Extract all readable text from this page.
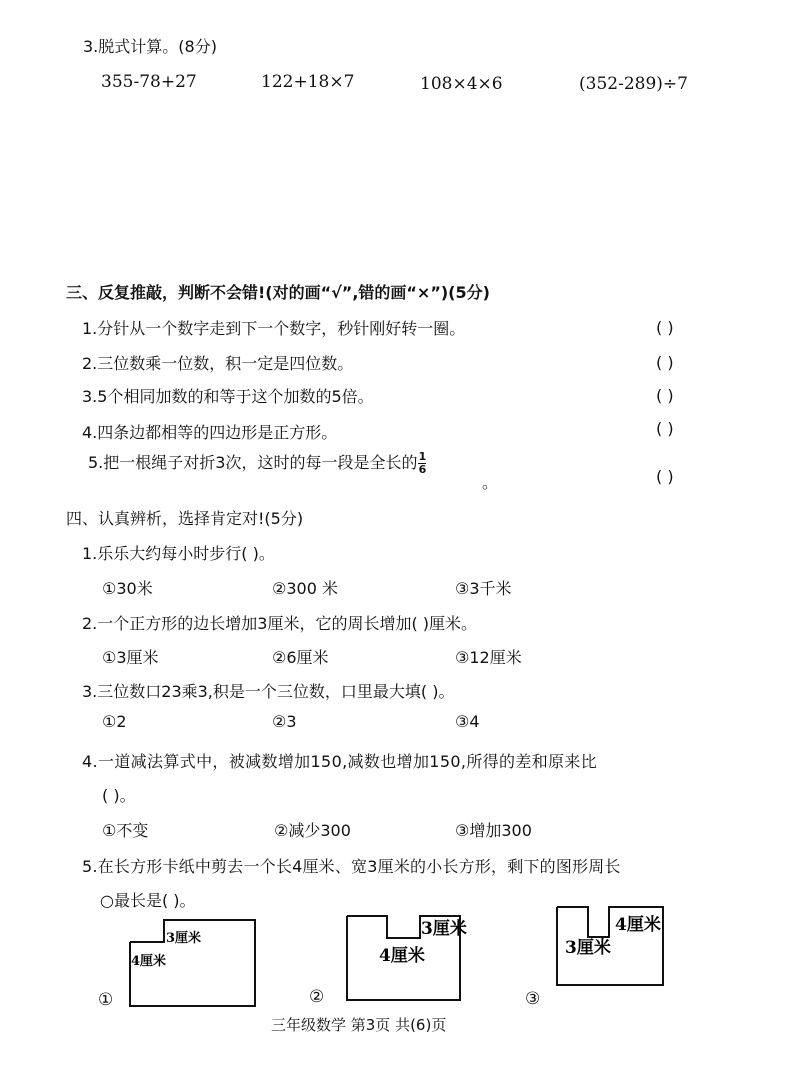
3.脱式计算。(8分)
355-78+27	122+18×7	108×4×6	(352-289)÷7
三、反复推敲，判断不会错!(对的画“√”,错的画“×”)(5分)
1.分针从一个数字走到下一个数字，秒针刚好转一圈。	( )
2.三位数乘一位数，积一定是四位数。	( )
3.5个相同加数的和等于这个加数的5倍。	( )
4.四条边都相等的四边形是正方形。	( )
5.把一根绳子对折3次，这时的每一段是全长的 $\frac{1}{6}$
。	( )
四、认真辨析，选择肯定对!(5分)
1.乐乐大约每小时步行( )。
①30米	②300 米	③3千米
2.一个正方形的边长增加3厘米，它的周长增加( )厘米。
①3厘米	②6厘米	③12厘米
3.三位数口23乘3,积是一个三位数，口里最大填( )。
①2	②3	③4
4.一道减法算式中，被减数增加150,减数也增加150,所得的差和原来比
( )。
①不变	②减少300	③增加300
5.在长方形卡纸中剪去一个长4厘米、宽3厘米的小长方形，剩下的图形周长
○最长是( )。
3厘米
4厘米
①
3厘米
4厘米
②
4厘米
3厘米
③
三年级数学 第3页 共(6)页
